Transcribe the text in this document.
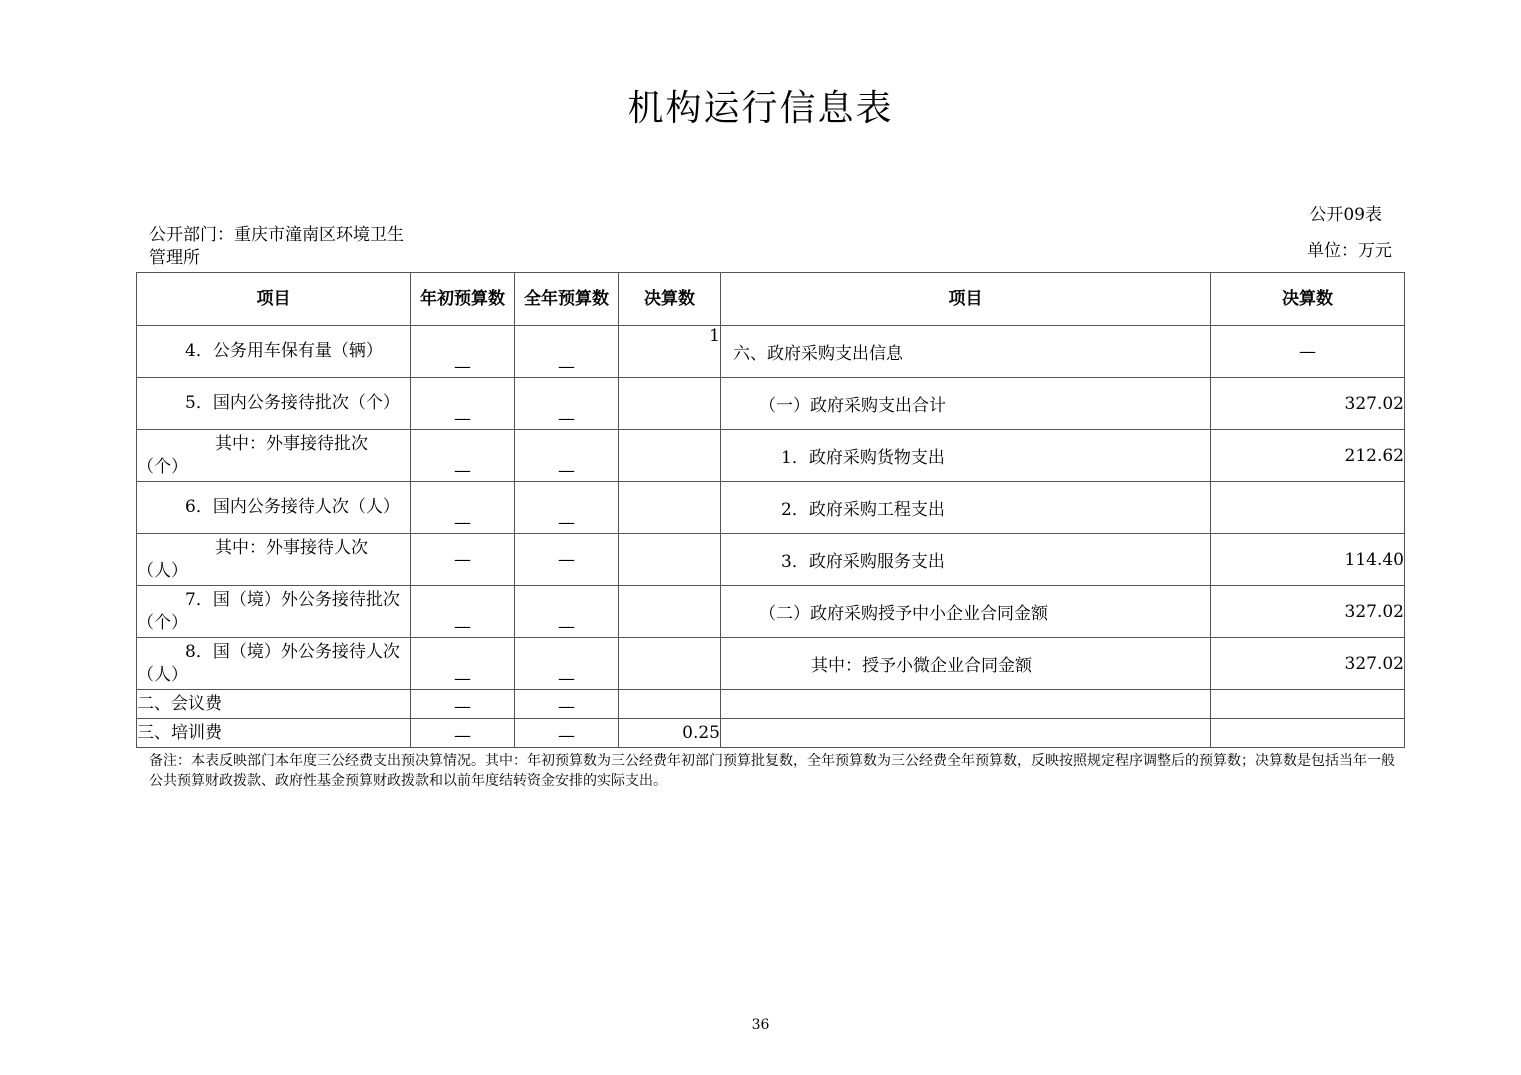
机构运行信息表
公开09表
公开部门：重庆市潼南区环境卫生管理所	单位：万元
项目	年初预算数	全年预算数	决算数	项目	决算数
4．公务用车保有量（辆）	—	—	1	六、政府采购支出信息	—
5．国内公务接待批次（个）	—	—		（一）政府采购支出合计	327.02
其中：外事接待批次（个）	—	—		1．政府采购货物支出	212.62
6．国内公务接待人次（人）	—	—		2．政府采购工程支出	
其中：外事接待人次（人）	—	—		3．政府采购服务支出	114.40
7．国（境）外公务接待批次（个）	—	—		（二）政府采购授予中小企业合同金额	327.02
8．国（境）外公务接待人次（人）	—	—		其中：授予小微企业合同金额	327.02
二、会议费	—	—			
三、培训费	—	—	0.25		
备注：本表反映部门本年度三公经费支出预决算情况。其中：年初预算数为三公经费年初部门预算批复数，全年预算数为三公经费全年预算数，反映按照规定程序调整后的预算数；决算数是包括当年一般公共预算财政拨款、政府性基金预算财政拨款和以前年度结转资金安排的实际支出。
36
